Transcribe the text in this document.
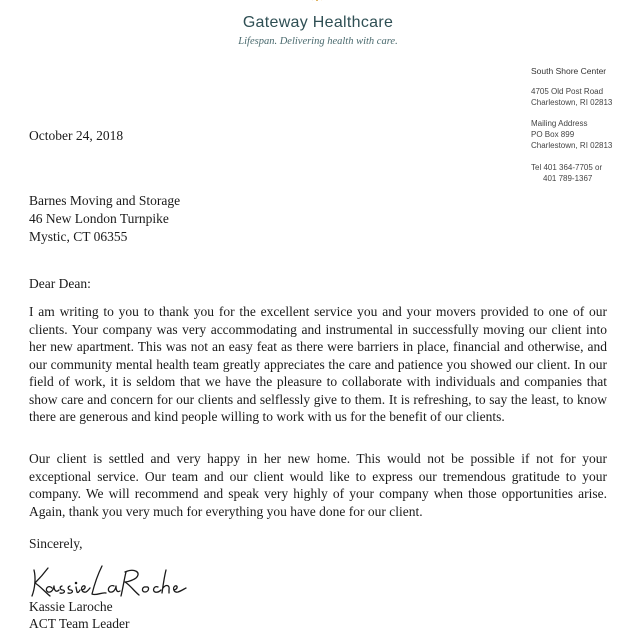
Gateway Healthcare
Lifespan. Delivering health with care.
South Shore Center
4705 Old Post Road
Charlestown, RI 02813
Mailing Address
PO Box 899
Charlestown, RI 02813
Tel 401 364-7705 or
401 789-1367
October 24, 2018
Barnes Moving and Storage
46 New London Turnpike
Mystic, CT 06355
Dear Dean:
I am writing to you to thank you for the excellent service you and your movers provided to one of our clients. Your company was very accommodating and instrumental in successfully moving our client into her new apartment. This was not an easy feat as there were barriers in place, financial and otherwise, and our community mental health team greatly appreciates the care and patience you showed our client. In our field of work, it is seldom that we have the pleasure to collaborate with individuals and companies that show care and concern for our clients and selflessly give to them. It is refreshing, to say the least, to know there are generous and kind people willing to work with us for the benefit of our clients.
Our client is settled and very happy in her new home. This would not be possible if not for your exceptional service. Our team and our client would like to express our tremendous gratitude to your company. We will recommend and speak very highly of your company when those opportunities arise. Again, thank you very much for everything you have done for our client.
Sincerely,
Kassie Laroche
ACT Team Leader
